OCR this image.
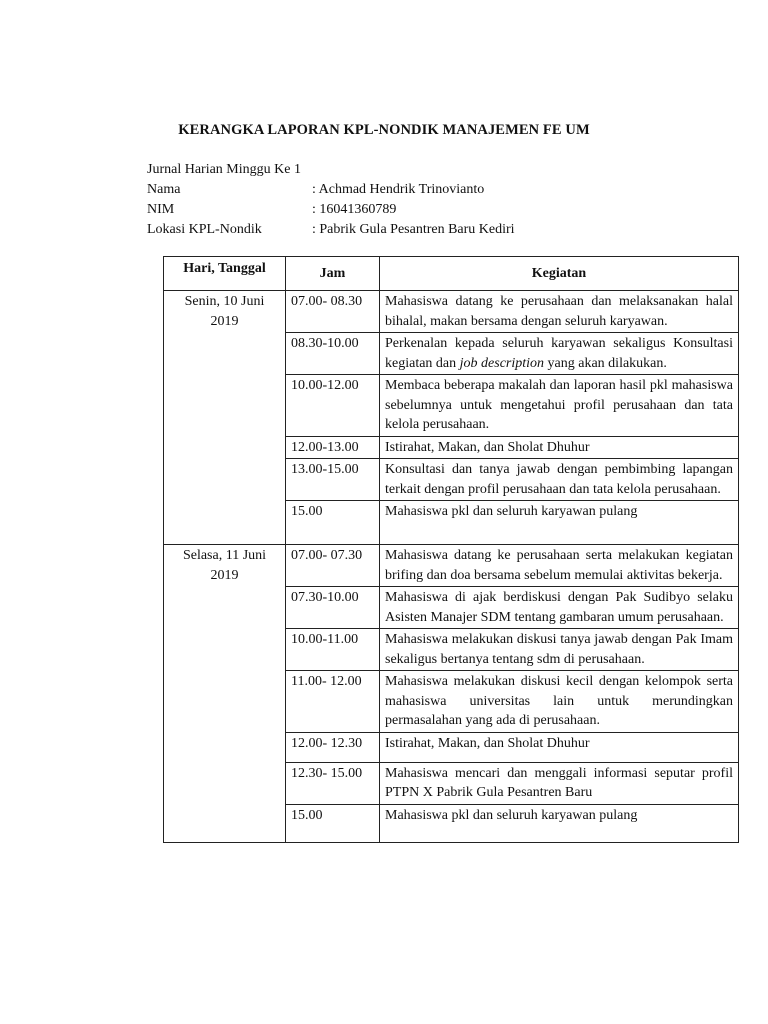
KERANGKA LAPORAN KPL-NONDIK MANAJEMEN FE UM
Jurnal Harian Minggu Ke 1
Nama	: Achmad Hendrik Trinovianto
NIM	: 16041360789
Lokasi KPL-Nondik	: Pabrik Gula Pesantren Baru Kediri
Hari, Tanggal	Jam	Kegiatan
Senin, 10 Juni 2019	07.00- 08.30	Mahasiswa datang ke perusahaan dan melaksanakan halal bihalal, makan bersama dengan seluruh karyawan.
	08.30-10.00	Perkenalan kepada seluruh karyawan sekaligus Konsultasi kegiatan dan job description yang akan dilakukan.
	10.00-12.00	Membaca beberapa makalah dan laporan hasil pkl mahasiswa sebelumnya untuk mengetahui profil perusahaan dan tata kelola perusahaan.
	12.00-13.00	Istirahat, Makan, dan Sholat Dhuhur
	13.00-15.00	Konsultasi dan tanya jawab dengan pembimbing lapangan terkait dengan profil perusahaan dan tata kelola perusahaan.
	15.00	Mahasiswa pkl dan seluruh karyawan pulang
Selasa, 11 Juni 2019	07.00- 07.30	Mahasiswa datang ke perusahaan serta melakukan kegiatan brifing dan doa bersama sebelum memulai aktivitas bekerja.
	07.30-10.00	Mahasiswa di ajak berdiskusi dengan Pak Sudibyo selaku Asisten Manajer SDM tentang gambaran umum perusahaan.
	10.00-11.00	Mahasiswa melakukan diskusi tanya jawab dengan Pak Imam sekaligus bertanya tentang sdm di perusahaan.
	11.00- 12.00	Mahasiswa melakukan diskusi kecil dengan kelompok serta mahasiswa universitas lain untuk merundingkan permasalahan yang ada di perusahaan.
	12.00- 12.30	Istirahat, Makan, dan Sholat Dhuhur
	12.30- 15.00	Mahasiswa mencari dan menggali informasi seputar profil PTPN X Pabrik Gula Pesantren Baru
	15.00	Mahasiswa pkl dan seluruh karyawan pulang
